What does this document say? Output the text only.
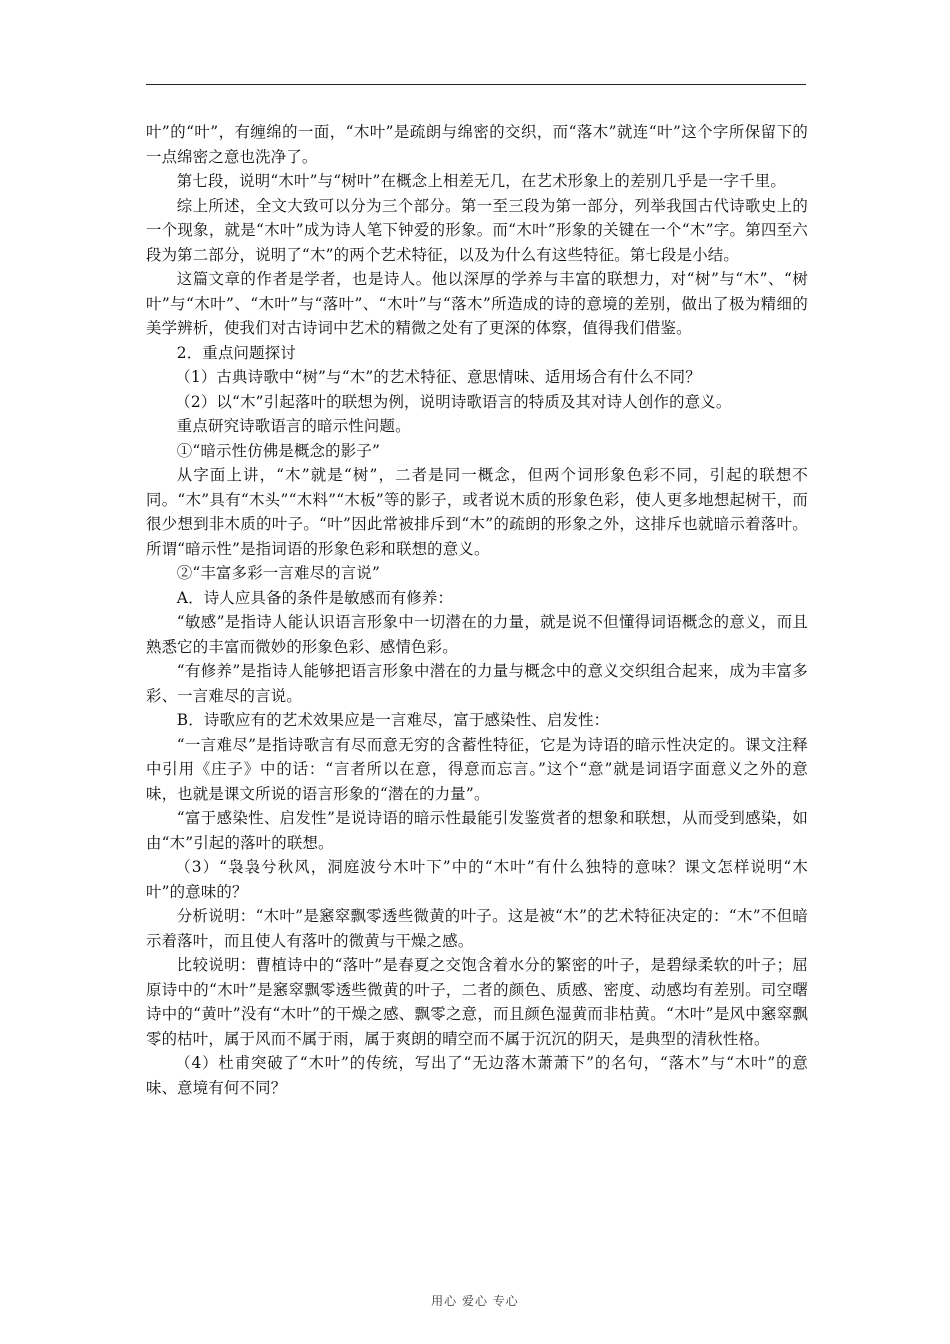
叶”的“叶”，有缠绵的一面，“木叶”是疏朗与绵密的交织，而“落木”就连“叶”这个字所保留下的一点绵密之意也洗净了。

第七段，说明“木叶”与“树叶”在概念上相差无几，在艺术形象上的差别几乎是一字千里。

综上所述，全文大致可以分为三个部分。第一至三段为第一部分，列举我国古代诗歌史上的一个现象，就是“木叶”成为诗人笔下钟爱的形象。而“木叶”形象的关键在一个“木”字。第四至六段为第二部分，说明了“木”的两个艺术特征，以及为什么有这些特征。第七段是小结。

这篇文章的作者是学者，也是诗人。他以深厚的学养与丰富的联想力，对“树”与“木”、“树叶”与“木叶”、“木叶”与“落叶”、“木叶”与“落木”所造成的诗的意境的差别，做出了极为精细的美学辨析，使我们对古诗词中艺术的精微之处有了更深的体察，值得我们借鉴。

2．重点问题探讨

（1）古典诗歌中“树”与“木”的艺术特征、意思情味、适用场合有什么不同？

（2）以“木”引起落叶的联想为例，说明诗歌语言的特质及其对诗人创作的意义。

重点研究诗歌语言的暗示性问题。

①“暗示性仿佛是概念的影子”

从字面上讲，“木”就是“树”，二者是同一概念，但两个词形象色彩不同，引起的联想不同。“木”具有“木头”“木料”“木板”等的影子，或者说木质的形象色彩，使人更多地想起树干，而很少想到非木质的叶子。“叶”因此常被排斥到“木”的疏朗的形象之外，这排斥也就暗示着落叶。所谓“暗示性”是指词语的形象色彩和联想的意义。

②“丰富多彩一言难尽的言说”

A．诗人应具备的条件是敏感而有修养：

“敏感”是指诗人能认识语言形象中一切潜在的力量，就是说不但懂得词语概念的意义，而且熟悉它的丰富而微妙的形象色彩、感情色彩。

“有修养”是指诗人能够把语言形象中潜在的力量与概念中的意义交织组合起来，成为丰富多彩、一言难尽的言说。

B．诗歌应有的艺术效果应是一言难尽，富于感染性、启发性：

“一言难尽”是指诗歌言有尽而意无穷的含蓄性特征，它是为诗语的暗示性决定的。课文注释中引用《庄子》中的话：“言者所以在意，得意而忘言。”这个“意”就是词语字面意义之外的意味，也就是课文所说的语言形象的“潜在的力量”。

“富于感染性、启发性”是说诗语的暗示性最能引发鉴赏者的想象和联想，从而受到感染，如由“木”引起的落叶的联想。

（3）“袅袅兮秋风，洞庭波兮木叶下”中的“木叶”有什么独特的意味？课文怎样说明“木叶”的意味的？

分析说明：“木叶”是窸窣飘零透些微黄的叶子。这是被“木”的艺术特征决定的：“木”不但暗示着落叶，而且使人有落叶的微黄与干燥之感。

比较说明：曹植诗中的“落叶”是春夏之交饱含着水分的繁密的叶子，是碧绿柔软的叶子；屈原诗中的“木叶”是窸窣飘零透些微黄的叶子，二者的颜色、质感、密度、动感均有差别。司空曙诗中的“黄叶”没有“木叶”的干燥之感、飘零之意，而且颜色湿黄而非枯黄。“木叶”是风中窸窣飘零的枯叶，属于风而不属于雨，属于爽朗的晴空而不属于沉沉的阴天，是典型的清秋性格。

（4）杜甫突破了“木叶”的传统，写出了“无边落木萧萧下”的名句，“落木”与“木叶”的意味、意境有何不同？

用心 爱心 专心
